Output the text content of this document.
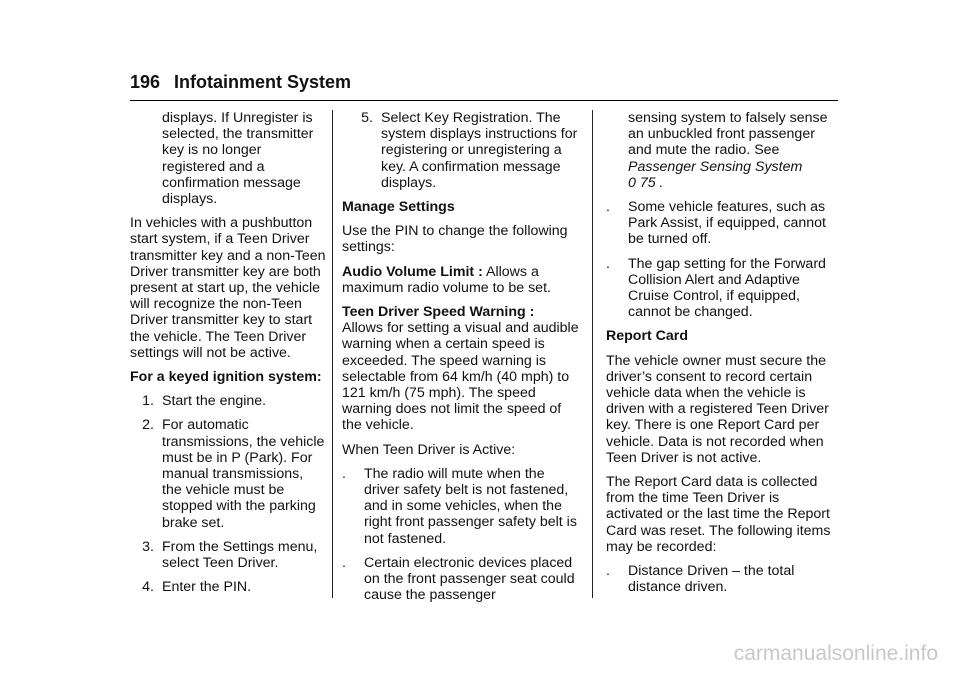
196 Infotainment System

displays. If Unregister is selected, the transmitter key is no longer registered and a confirmation message displays.

In vehicles with a pushbutton start system, if a Teen Driver transmitter key and a non-Teen Driver transmitter key are both present at start up, the vehicle will recognize the non-Teen Driver transmitter key to start the vehicle. The Teen Driver settings will not be active.

For a keyed ignition system:

1. Start the engine.
2. For automatic transmissions, the vehicle must be in P (Park). For manual transmissions, the vehicle must be stopped with the parking brake set.
3. From the Settings menu, select Teen Driver.
4. Enter the PIN.
5. Select Key Registration. The system displays instructions for registering or unregistering a key. A confirmation message displays.

Manage Settings

Use the PIN to change the following settings:

Audio Volume Limit : Allows a maximum radio volume to be set.

Teen Driver Speed Warning :
Allows for setting a visual and audible warning when a certain speed is exceeded. The speed warning is selectable from 64 km/h (40 mph) to 121 km/h (75 mph). The speed warning does not limit the speed of the vehicle.

When Teen Driver is Active:

.	The radio will mute when the driver safety belt is not fastened, and in some vehicles, when the right front passenger safety belt is not fastened.
.	Certain electronic devices placed on the front passenger seat could cause the passenger

sensing system to falsely sense an unbuckled front passenger and mute the radio. See
Passenger Sensing System
0 75 .

.	Some vehicle features, such as Park Assist, if equipped, cannot be turned off.
.	The gap setting for the Forward Collision Alert and Adaptive Cruise Control, if equipped, cannot be changed.

Report Card

The vehicle owner must secure the driver’s consent to record certain vehicle data when the vehicle is driven with a registered Teen Driver key. There is one Report Card per vehicle. Data is not recorded when Teen Driver is not active.

The Report Card data is collected from the time Teen Driver is activated or the last time the Report Card was reset. The following items may be recorded:

.	Distance Driven – the total distance driven.
carmanualsonline.info
